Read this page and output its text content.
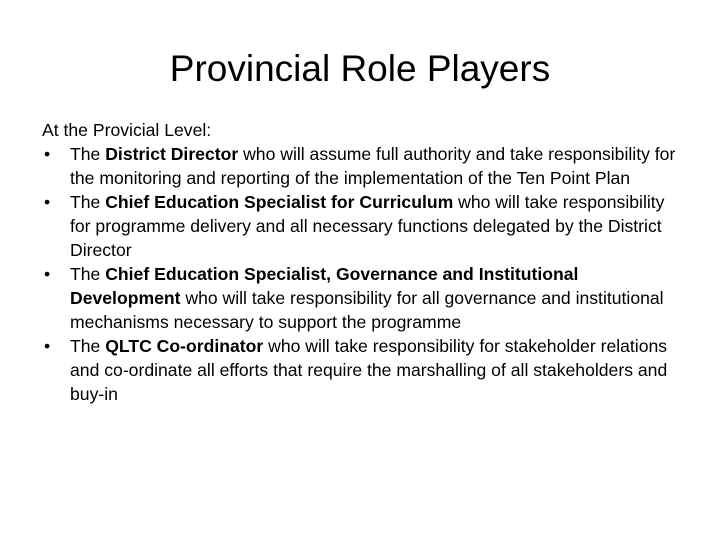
Provincial Role Players

At the Provicial Level:

• The District Director who will assume full authority and take responsibility for the monitoring and reporting of the implementation of the Ten Point Plan
• The Chief Education Specialist for Curriculum who will take responsibility for programme delivery and all necessary functions delegated by the District Director
• The Chief Education Specialist, Governance and Institutional Development who will take responsibility for all governance and institutional mechanisms necessary to support the programme
• The QLTC Co-ordinator who will take responsibility for stakeholder relations and co-ordinate all efforts that require the marshalling of all stakeholders and buy-in
